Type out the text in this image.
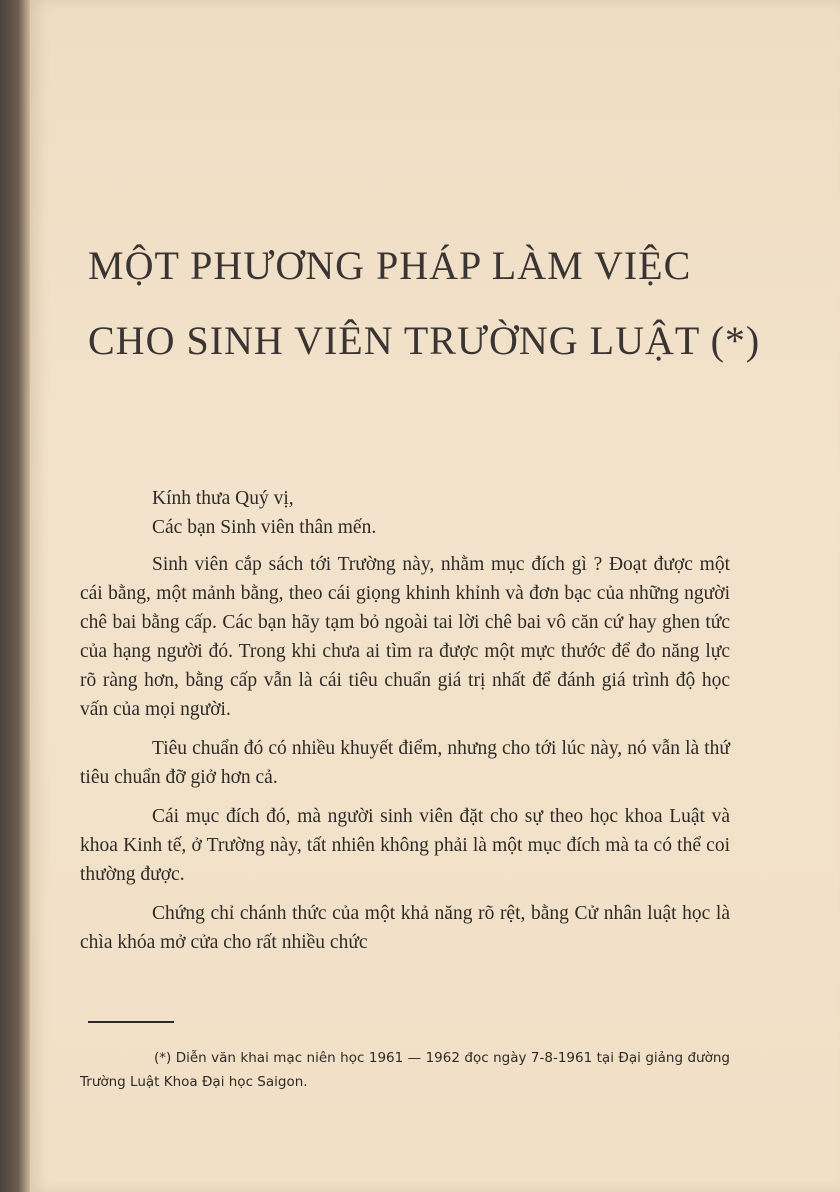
MỘT PHƯƠNG PHÁP LÀM VIỆC
CHO SINH VIÊN TRƯỜNG LUẬT (*)

Kính thưa Quý vị,

Các bạn Sinh viên thân mến.

Sinh viên cắp sách tới Trường này, nhằm mục đích gì ? Đoạt được một cái bằng, một mảnh bằng, theo cái giọng khinh khỉnh và đơn bạc của những người chê bai bằng cấp. Các bạn hãy tạm bỏ ngoài tai lời chê bai vô căn cứ hay ghen tức của hạng người đó. Trong khi chưa ai tìm ra được một mực thước để đo năng lực rõ ràng hơn, bằng cấp vẫn là cái tiêu chuẩn giá trị nhất để đánh giá trình độ học vấn của mọi người.

Tiêu chuẩn đó có nhiều khuyết điểm, nhưng cho tới lúc này, nó vẫn là thứ tiêu chuẩn đỡ giở hơn cả.

Cái mục đích đó, mà người sinh viên đặt cho sự theo học khoa Luật và khoa Kinh tế, ở Trường này, tất nhiên không phải là một mục đích mà ta có thể coi thường được.

Chứng chỉ chánh thức của một khả năng rõ rệt, bằng Cử nhân luật học là chìa khóa mở cửa cho rất nhiều chức

(*) Diễn văn khai mạc niên học 1961 — 1962 đọc ngày 7-8-1961 tại Đại giảng đường Trường Luật Khoa Đại học Saigon.
